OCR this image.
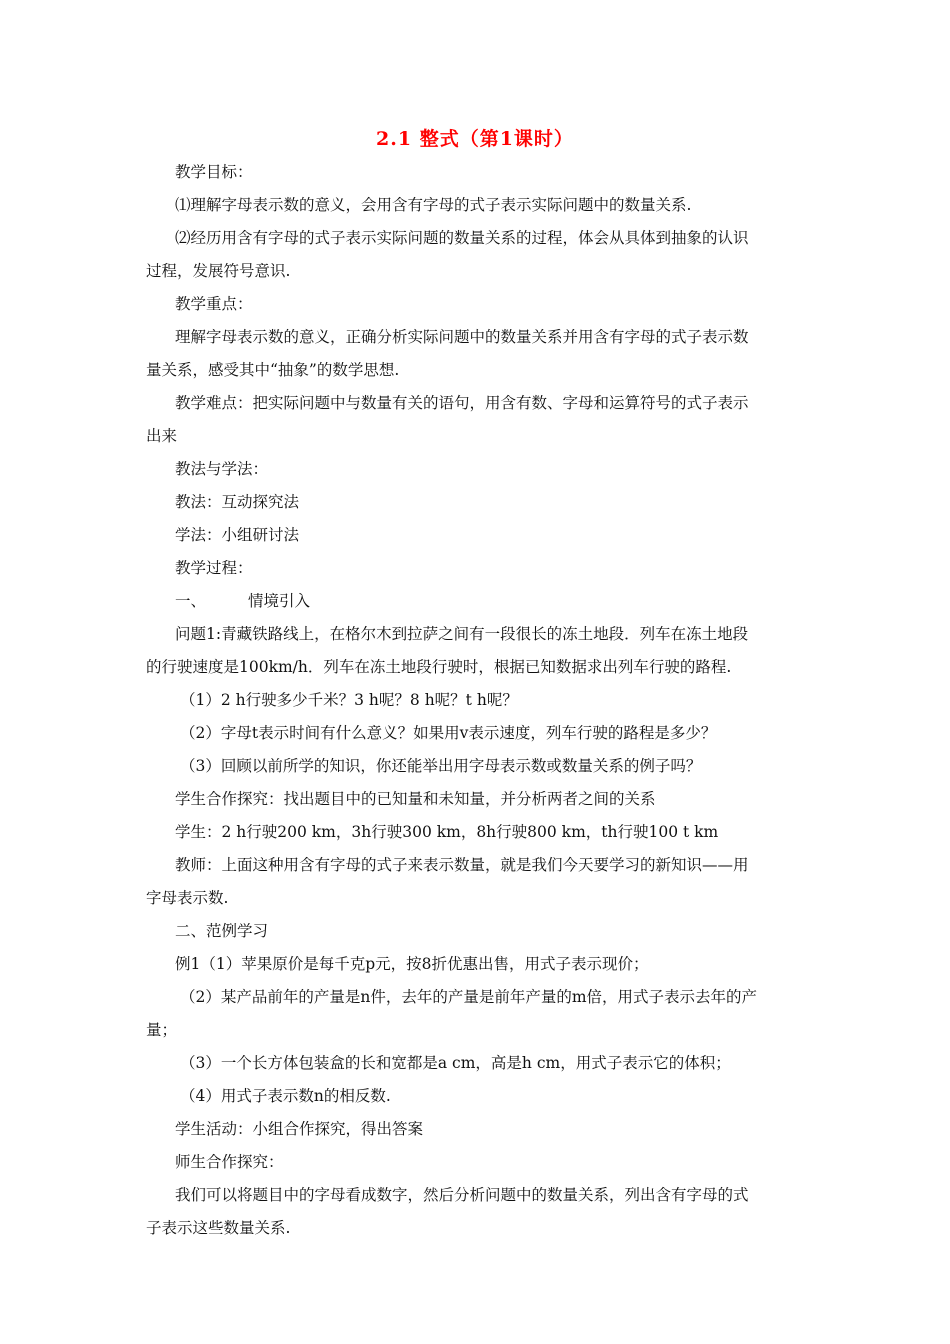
2.1 整式（第1课时）
教学目标：
⑴理解字母表示数的意义，会用含有字母的式子表示实际问题中的数量关系.
⑵经历用含有字母的式子表示实际问题的数量关系的过程，体会从具体到抽象的认识
过程，发展符号意识.
教学重点：
理解字母表示数的意义，正确分析实际问题中的数量关系并用含有字母的式子表示数
量关系，感受其中“抽象”的数学思想.
教学难点：把实际问题中与数量有关的语句，用含有数、字母和运算符号的式子表示
出来
教法与学法：
教法：互动探究法
学法：小组研讨法
教学过程：
一、	情境引入
问题1:青藏铁路线上，在格尔木到拉萨之间有一段很长的冻土地段．列车在冻土地段
的行驶速度是100km/h．列车在冻土地段行驶时，根据已知数据求出列车行驶的路程.
（1）2 h行驶多少千米？3 h呢？8 h呢？t h呢？
（2）字母t表示时间有什么意义？如果用v表示速度，列车行驶的路程是多少？
（3）回顾以前所学的知识，你还能举出用字母表示数或数量关系的例子吗？
学生合作探究：找出题目中的已知量和未知量，并分析两者之间的关系
学生：2 h行驶200 km，3h行驶300 km，8h行驶800 km，th行驶100 t km
教师：上面这种用含有字母的式子来表示数量，就是我们今天要学习的新知识——用
字母表示数.
二、范例学习
例1（1）苹果原价是每千克p元，按8折优惠出售，用式子表示现价；
（2）某产品前年的产量是n件，去年的产量是前年产量的m倍，用式子表示去年的产
量；
（3）一个长方体包装盒的长和宽都是a cm，高是h cm，用式子表示它的体积；
（4）用式子表示数n的相反数.
学生活动：小组合作探究，得出答案
师生合作探究：
我们可以将题目中的字母看成数字，然后分析问题中的数量关系，列出含有字母的式
子表示这些数量关系.
